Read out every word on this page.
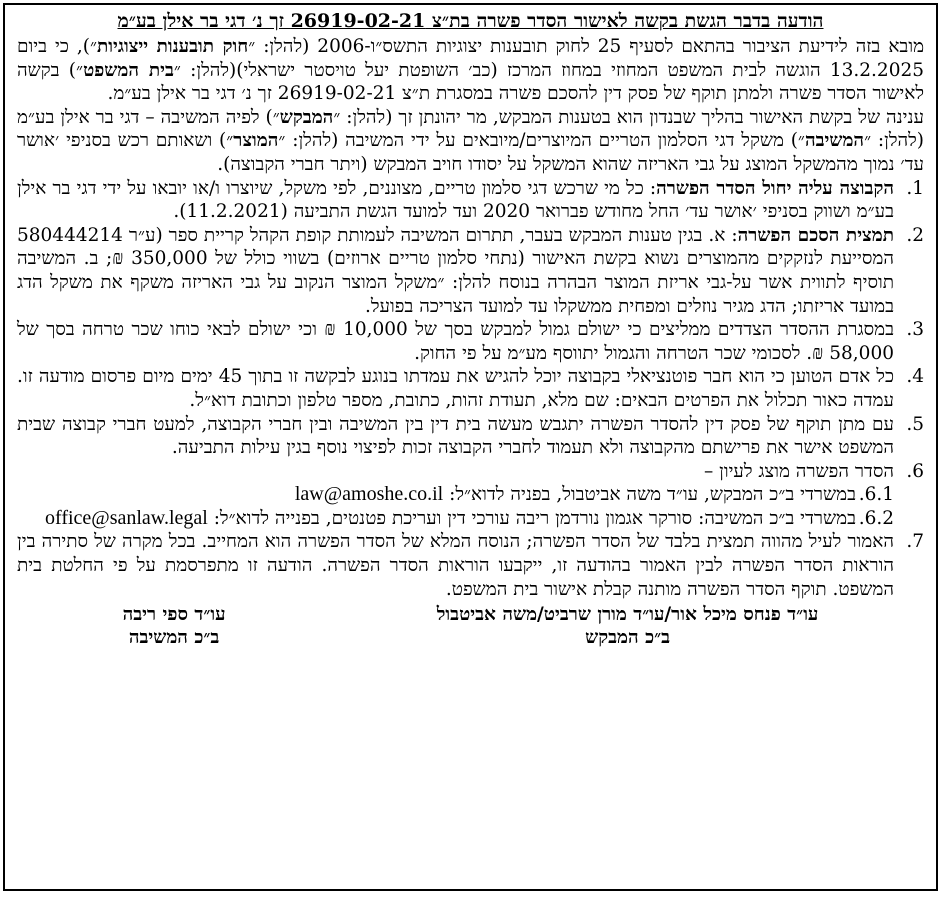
הודעה בדבר הגשת בקשה לאישור הסדר פשרה בת״צ 26919-02-21 זך נ׳ דגי בר אילן בע״מ

מובא בזה לידיעת הציבור בהתאם לסעיף 25 לחוק תובענות יצוגיות התשס״ו-2006 (להלן: ״חוק תובענות ייצוגיות״), כי ביום 13.2.2025 הוגשה לבית המשפט המחוזי במחוז המרכז (כב׳ השופטת יעל טויסטר ישראלי)(להלן: ״בית המשפט״) בקשה לאישור הסדר פשרה ולמתן תוקף של פסק דין להסכם פשרה במסגרת ת״צ 26919-02-21 זך נ׳ דגי בר אילן בע״מ.

ענינה של בקשת האישור בהליך שבנדון הוא בטענות המבקש, מר יהונתן זך (להלן: ״המבקש״) לפיה המשיבה – דגי בר אילן בע״מ (להלן: ״המשיבה״) משקל דגי הסלמון הטריים המיוצרים/מיובאים על ידי המשיבה (להלן: ״המוצר״) ושאותם רכש בסניפי ׳אושר עד׳ נמוך מהמשקל המוצג על גבי האריזה שהוא המשקל על יסודו חויב המבקש (ויתר חברי הקבוצה).

1.
הקבוצה עליה יחול הסדר הפשרה: כל מי שרכש דגי סלמון טריים, מצוננים, לפי משקל, שיוצרו ו/או יובאו על ידי דגי בר אילן בע״מ ושווק בסניפי ׳אושר עד׳ החל מחודש פברואר 2020 ועד למועד הגשת התביעה (11.2.2021).
2.
תמצית הסכם הפשרה: א. בגין טענות המבקש בעבר, תתרום המשיבה לעמותת קופת הקהל קריית ספר (ע״ר 580444214 המסייעת לנזקקים מהמוצרים נשוא בקשת האישור (נתחי סלמון טריים ארוזים) בשווי כולל של 350,000 ₪; ב. המשיבה תוסיף לתווית אשר על-גבי אריזת המוצר הבהרה בנוסח להלן: ״משקל המוצר הנקוב על גבי האריזה משקף את משקל הדג במועד אריזתו; הדג מגיר נוזלים ומפחית ממשקלו עד למועד הצריכה בפועל.
3.
במסגרת ההסדר הצדדים ממליצים כי ישולם גמול למבקש בסך של 10,000 ₪ וכי ישולם לבאי כוחו שכר טרחה בסך של 58,000 ₪. לסכומי שכר הטרחה והגמול יתווסף מע״מ על פי החוק.
4.
כל אדם הטוען כי הוא חבר פוטנציאלי בקבוצה יוכל להגיש את עמדתו בנוגע לבקשה זו בתוך 45 ימים מיום פרסום מודעה זו. עמדה כאור תכלול את הפרטים הבאים: שם מלא, תעודת זהות, כתובת, מספר טלפון וכתובת דוא״ל.
5.
עם מתן תוקף של פסק דין להסדר הפשרה יתגבש מעשה בית דין בין המשיבה ובין חברי הקבוצה, למעט חברי קבוצה שבית המשפט אישר את פרישתם מהקבוצה ולא תעמוד לחברי הקבוצה זכות לפיצוי נוסף בגין עילות התביעה.
6.
הסדר הפשרה מוצג לעיון –
6.1.
במשרדי ב״כ המבקש, עו״ד משה אביטבול, בפניה לדוא״ל: law@amoshe.co.il
6.2.
במשרדי ב״כ המשיבה: סורקר אגמון נורדמן ריבה עורכי דין ועריכת פטנטים, בפנייה לדוא״ל: office@sanlaw.legal
7.
האמור לעיל מהווה תמצית בלבד של הסדר הפשרה; הנוסח המלא של הסדר הפשרה הוא המחייב. בכל מקרה של סתירה בין הוראות הסדר הפשרה לבין האמור בהודעה זו, ייקבעו הוראות הסדר הפשרה. הודעה זו מתפרסמת על פי החלטת בית המשפט. תוקף הסדר הפשרה מותנה קבלת אישור בית המשפט.
עו״ד פנחס מיכל אור/עו״ד מורן שרביט/משה אביטבול
ב״כ המבקש
עו״ד ספי ריבה
ב״כ המשיבה
